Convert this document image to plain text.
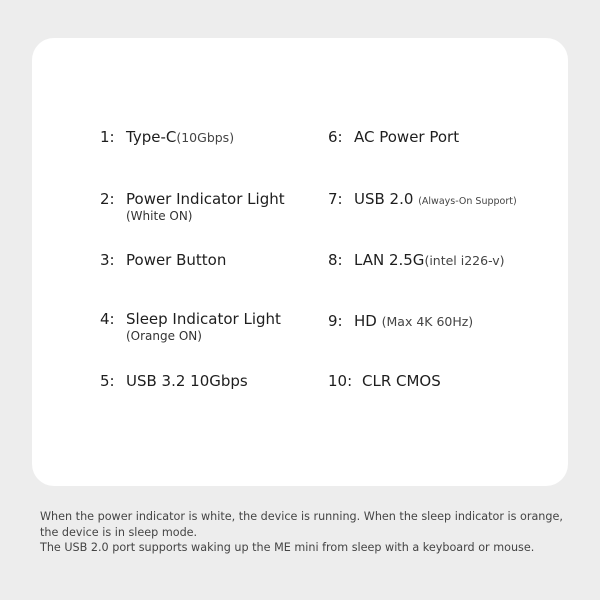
1: Type-C(10Gbps)
2: Power Indicator Light
(White ON)
3: Power Button
4: Sleep Indicator Light
(Orange ON)
5: USB 3.2 10Gbps
6: AC Power Port
7: USB 2.0 (Always-On Support)
8: LAN 2.5G(intel i226-v)
9: HD (Max 4K 60Hz)
10: CLR CMOS

When the power indicator is white, the device is running. When the sleep indicator is orange, the device is in sleep mode.

The USB 2.0 port supports waking up the ME mini from sleep with a keyboard or mouse.
